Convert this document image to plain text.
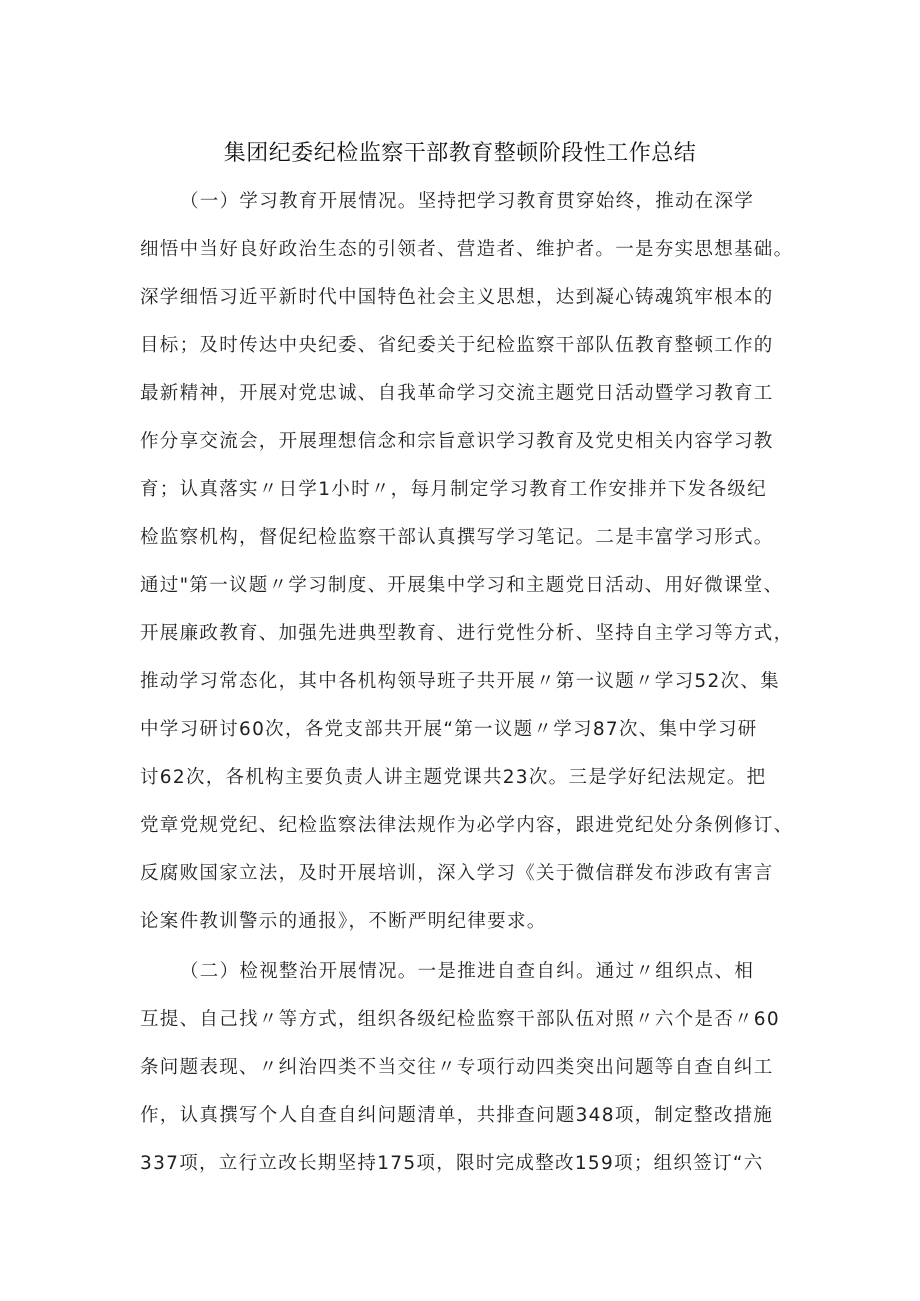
集团纪委纪检监察干部教育整顿阶段性工作总结
（一）学习教育开展情况。坚持把学习教育贯穿始终，推动在深学
细悟中当好良好政治生态的引领者、营造者、维护者。一是夯实思想基础。
深学细悟习近平新时代中国特色社会主义思想，达到凝心铸魂筑牢根本的
目标；及时传达中央纪委、省纪委关于纪检监察干部队伍教育整顿工作的
最新精神，开展对党忠诚、自我革命学习交流主题党日活动暨学习教育工
作分享交流会，开展理想信念和宗旨意识学习教育及党史相关内容学习教
育；认真落实〃日学1小时〃，每月制定学习教育工作安排并下发各级纪
检监察机构，督促纪检监察干部认真撰写学习笔记。二是丰富学习形式。
通过"第一议题〃学习制度、开展集中学习和主题党日活动、用好微课堂、
开展廉政教育、加强先进典型教育、进行党性分析、坚持自主学习等方式，
推动学习常态化，其中各机构领导班子共开展〃第一议题〃学习52次、集
中学习研讨60次，各党支部共开展“第一议题〃学习87次、集中学习研
讨62次，各机构主要负责人讲主题党课共23次。三是学好纪法规定。把
党章党规党纪、纪检监察法律法规作为必学内容，跟进党纪处分条例修订、
反腐败国家立法，及时开展培训，深入学习《关于微信群发布涉政有害言
论案件教训警示的通报》，不断严明纪律要求。
（二）检视整治开展情况。一是推进自查自纠。通过〃组织点、相
互提、自己找〃等方式，组织各级纪检监察干部队伍对照〃六个是否〃60
条问题表现、〃纠治四类不当交往〃专项行动四类突出问题等自查自纠工
作，认真撰写个人自查自纠问题清单，共排查问题348项，制定整改措施
337项，立行立改长期坚持175项，限时完成整改159项；组织签订“六
